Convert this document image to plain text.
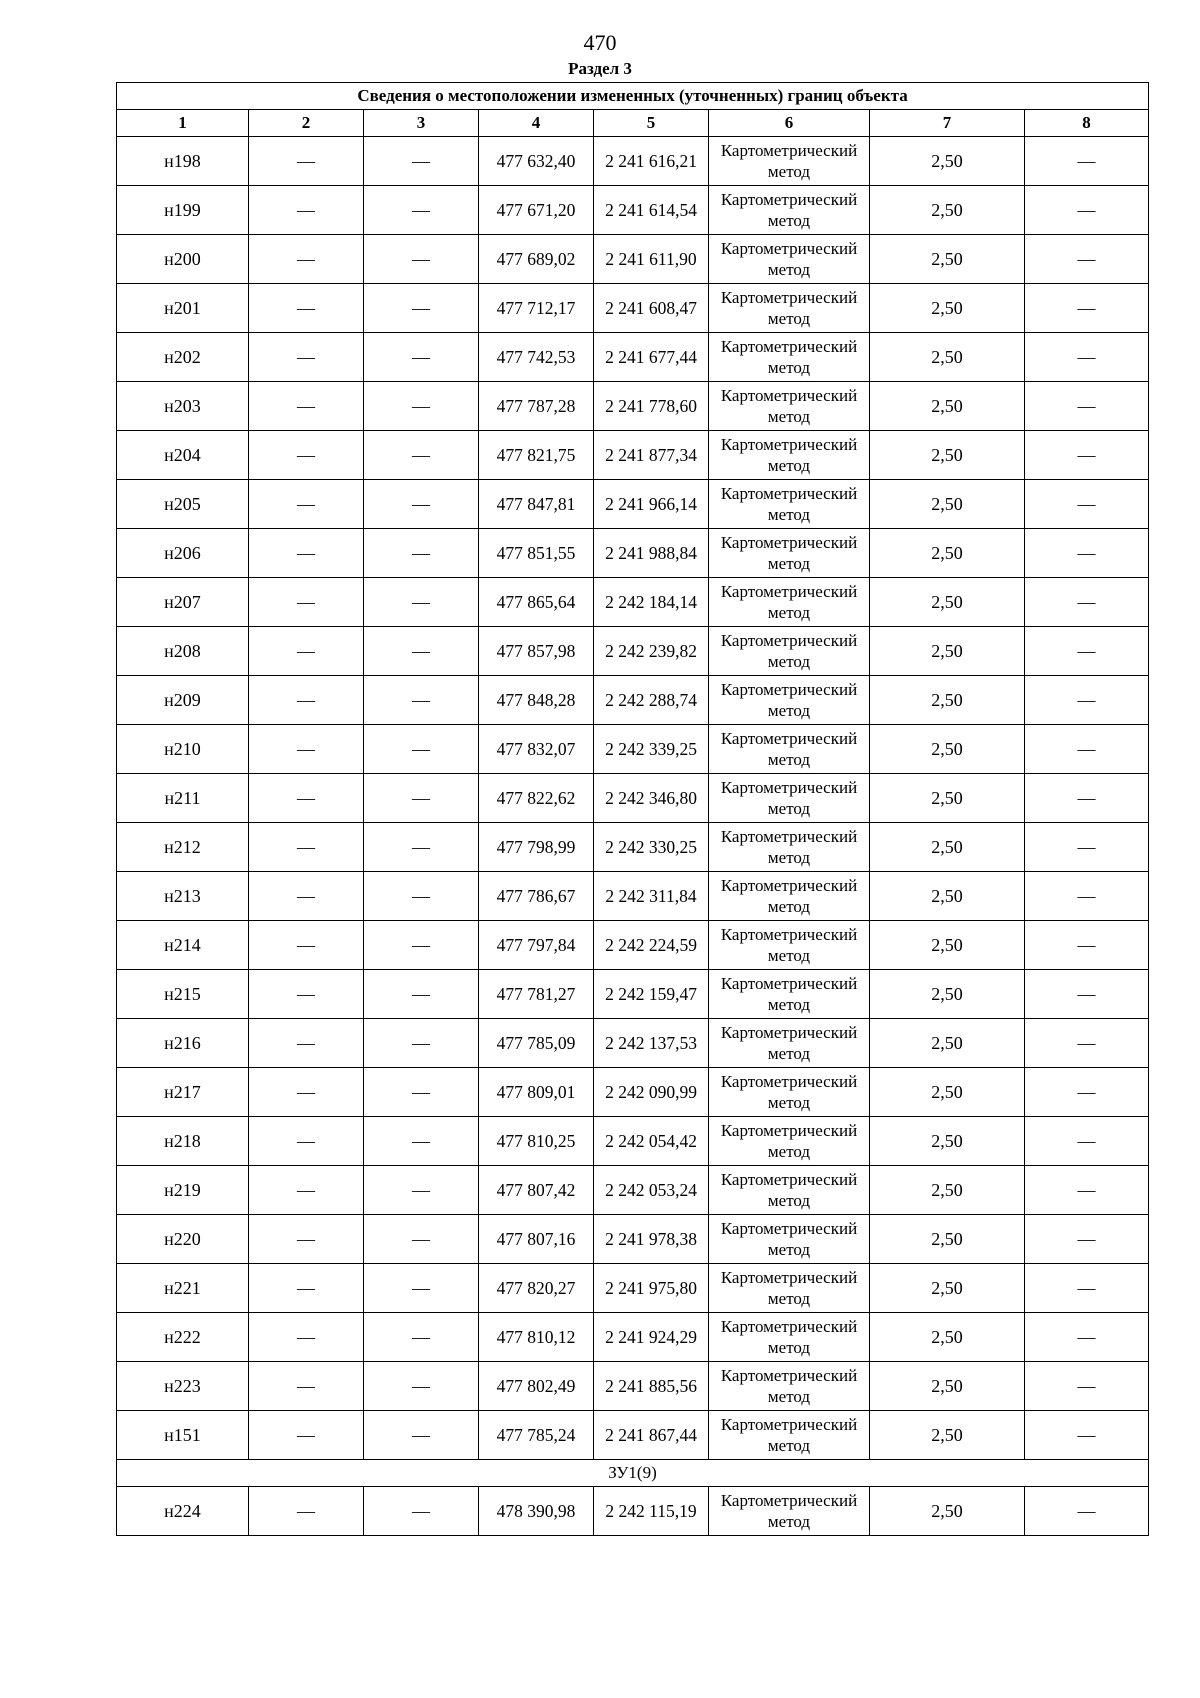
470
Раздел 3
Сведения о местоположении измененных (уточненных) границ объекта							
1	2	3	4	5	6	7	8
н198	—	—	477 632,40	2 241 616,21	Картометрический метод	2,50	—
н199	—	—	477 671,20	2 241 614,54	Картометрический метод	2,50	—
н200	—	—	477 689,02	2 241 611,90	Картометрический метод	2,50	—
н201	—	—	477 712,17	2 241 608,47	Картометрический метод	2,50	—
н202	—	—	477 742,53	2 241 677,44	Картометрический метод	2,50	—
н203	—	—	477 787,28	2 241 778,60	Картометрический метод	2,50	—
н204	—	—	477 821,75	2 241 877,34	Картометрический метод	2,50	—
н205	—	—	477 847,81	2 241 966,14	Картометрический метод	2,50	—
н206	—	—	477 851,55	2 241 988,84	Картометрический метод	2,50	—
н207	—	—	477 865,64	2 242 184,14	Картометрический метод	2,50	—
н208	—	—	477 857,98	2 242 239,82	Картометрический метод	2,50	—
н209	—	—	477 848,28	2 242 288,74	Картометрический метод	2,50	—
н210	—	—	477 832,07	2 242 339,25	Картометрический метод	2,50	—
н211	—	—	477 822,62	2 242 346,80	Картометрический метод	2,50	—
н212	—	—	477 798,99	2 242 330,25	Картометрический метод	2,50	—
н213	—	—	477 786,67	2 242 311,84	Картометрический метод	2,50	—
н214	—	—	477 797,84	2 242 224,59	Картометрический метод	2,50	—
н215	—	—	477 781,27	2 242 159,47	Картометрический метод	2,50	—
н216	—	—	477 785,09	2 242 137,53	Картометрический метод	2,50	—
н217	—	—	477 809,01	2 242 090,99	Картометрический метод	2,50	—
н218	—	—	477 810,25	2 242 054,42	Картометрический метод	2,50	—
н219	—	—	477 807,42	2 242 053,24	Картометрический метод	2,50	—
н220	—	—	477 807,16	2 241 978,38	Картометрический метод	2,50	—
н221	—	—	477 820,27	2 241 975,80	Картометрический метод	2,50	—
н222	—	—	477 810,12	2 241 924,29	Картометрический метод	2,50	—
н223	—	—	477 802,49	2 241 885,56	Картометрический метод	2,50	—
н151	—	—	477 785,24	2 241 867,44	Картометрический метод	2,50	—
ЗУ1(9)							
н224	—	—	478 390,98	2 242 115,19	Картометрический метод	2,50	—
